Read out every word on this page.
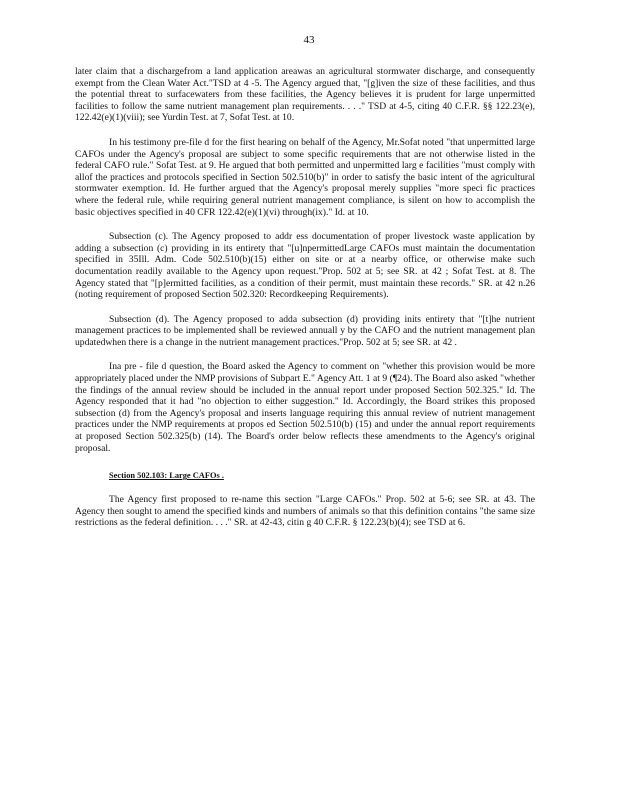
43

later claim that a dischargefrom a land application areawas an agricultural stormwater discharge, and consequently exempt from the Clean Water Act."TSD at 4 -5. The Agency argued that, "[g]iven the size of these facilities, and thus the potential threat to surfacewaters from these facilities, the Agency believes it is prudent for large unpermitted facilities to follow the same nutrient management plan requirements. . . ." TSD at 4-5, citing 40 C.F.R. §§ 122.23(e), 122.42(e)(1)(viii); see Yurdin Test. at 7, Sofat Test. at 10.

In his testimony pre-file d for the first hearing on behalf of the Agency, Mr.Sofat noted "that unpermitted large CAFOs under the Agency's proposal are subject to some specific requirements that are not otherwise listed in the federal CAFO rule." Sofat Test. at 9. He argued that both permitted and unpermitted larg e facilities "must comply with allof the practices and protocols specified in Section 502.510(b)" in order to satisfy the basic intent of the agricultural stormwater exemption. Id. He further argued that the Agency's proposal merely supplies "more speci fic practices where the federal rule, while requiring general nutrient management compliance, is silent on how to accomplish the basic objectives specified in 40 CFR 122.42(e)(1)(vi) through(ix)." Id. at 10.

Subsection (c). The Agency proposed to addr ess documentation of proper livestock waste application by adding a subsection (c) providing in its entirety that "[u]npermittedLarge CAFOs must maintain the documentation specified in 35Ill. Adm. Code 502.510(b)(15) either on site or at a nearby office, or otherwise make such documentation readily available to the Agency upon request."Prop. 502 at 5; see SR. at 42 ; Sofat Test. at 8. The Agency stated that "[p]ermitted facilities, as a condition of their permit, must maintain these records." SR. at 42 n.26 (noting requirement of proposed Section 502.320: Recordkeeping Requirements).

Subsection (d). The Agency proposed to adda subsection (d) providing inits entirety that "[t]he nutrient management practices to be implemented shall be reviewed annuall y by the CAFO and the nutrient management plan updatedwhen there is a change in the nutrient management practices."Prop. 502 at 5; see SR. at 42 .

Ina pre - file d question, the Board asked the Agency to comment on "whether this provision would be more appropriately placed under the NMP provisions of Subpart E." Agency Att. 1 at 9 (¶24). The Board also asked "whether the findings of the annual review should be included in the annual report under proposed Section 502.325." Id. The Agency responded that it had "no objection to either suggestion." Id. Accordingly, the Board strikes this proposed subsection (d) from the Agency's proposal and inserts language requiring this annual review of nutrient management practices under the NMP requirements at propos ed Section 502.510(b) (15) and under the annual report requirements at proposed Section 502.325(b) (14). The Board's order below reflects these amendments to the Agency's original proposal.

Section 502.103: Large CAFOs .

The Agency first proposed to re-name this section "Large CAFOs." Prop. 502 at 5-6; see SR. at 43. The Agency then sought to amend the specified kinds and numbers of animals so that this definition contains "the same size restrictions as the federal definition. . . ." SR. at 42-43, citin g 40 C.F.R. § 122.23(b)(4); see TSD at 6.
